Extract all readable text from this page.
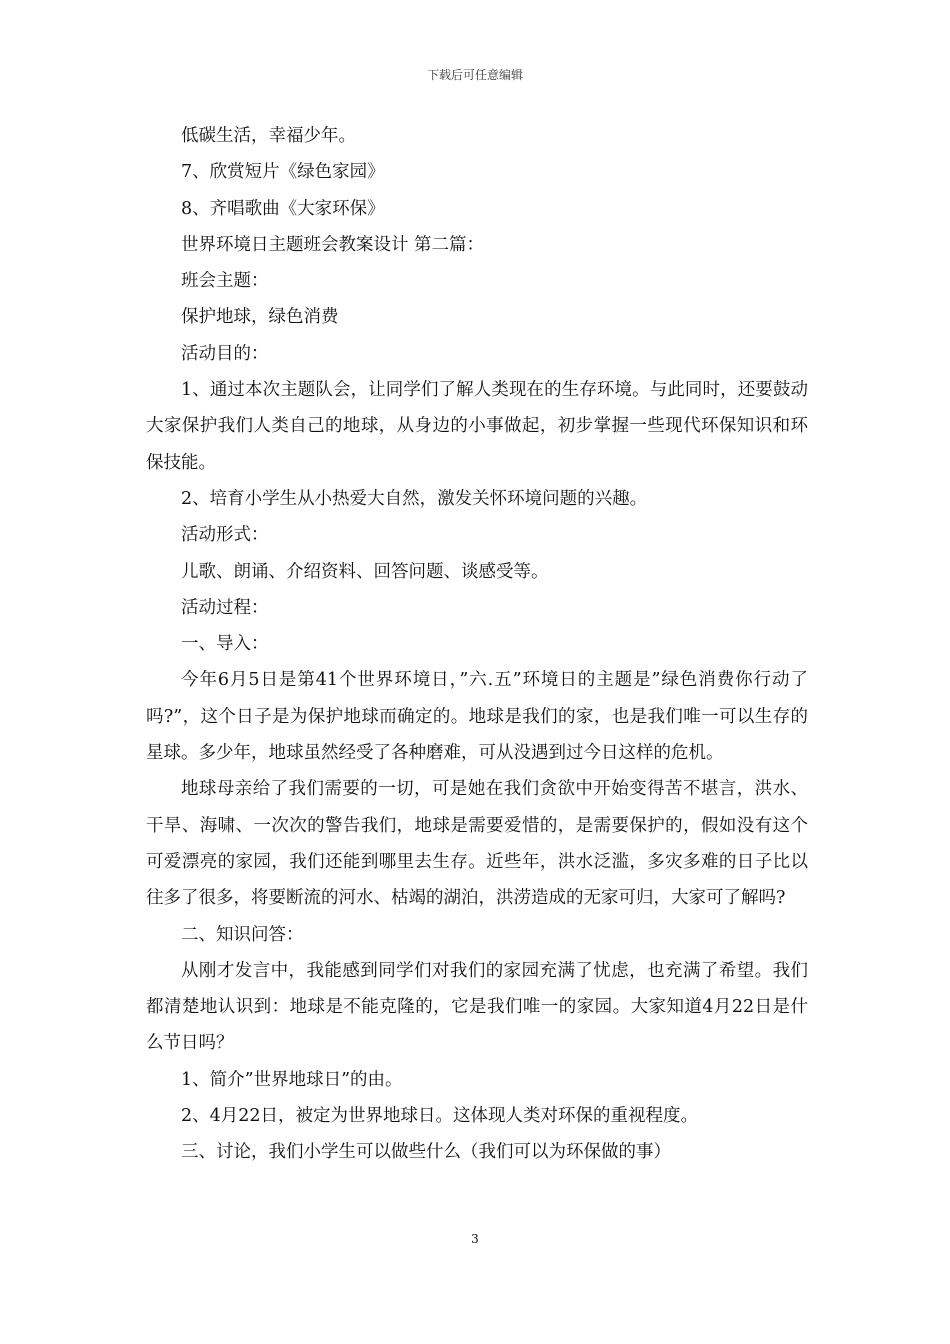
下载后可任意编辑

低碳生活，幸福少年。

7、欣赏短片《绿色家园》

8、齐唱歌曲《大家环保》

世界环境日主题班会教案设计 第二篇：

班会主题：

保护地球，绿色消费

活动目的：

1、通过本次主题队会，让同学们了解人类现在的生存环境。与此同时，还要鼓动大家保护我们人类自己的地球，从身边的小事做起，初步掌握一些现代环保知识和环保技能。

2、培育小学生从小热爱大自然，激发关怀环境问题的兴趣。

活动形式：

儿歌、朗诵、介绍资料、回答问题、谈感受等。

活动过程：

一、导入：

今年6月5日是第41个世界环境日，”六.五”环境日的主题是”绿色消费你行动了吗?”，这个日子是为保护地球而确定的。地球是我们的家，也是我们唯一可以生存的星球。多少年，地球虽然经受了各种磨难，可从没遇到过今日这样的危机。

地球母亲给了我们需要的一切，可是她在我们贪欲中开始变得苦不堪言，洪水、干旱、海啸、一次次的警告我们，地球是需要爱惜的，是需要保护的，假如没有这个可爱漂亮的家园，我们还能到哪里去生存。近些年，洪水泛滥，多灾多难的日子比以往多了很多，将要断流的河水、枯竭的湖泊，洪涝造成的无家可归，大家可了解吗?

二、知识问答：

从刚才发言中，我能感到同学们对我们的家园充满了忧虑，也充满了希望。我们都清楚地认识到：地球是不能克隆的，它是我们唯一的家园。大家知道4月22日是什么节日吗？

1、简介”世界地球日”的由。

2、4月22日，被定为世界地球日。这体现人类对环保的重视程度。

三、讨论，我们小学生可以做些什么（我们可以为环保做的事）

3
